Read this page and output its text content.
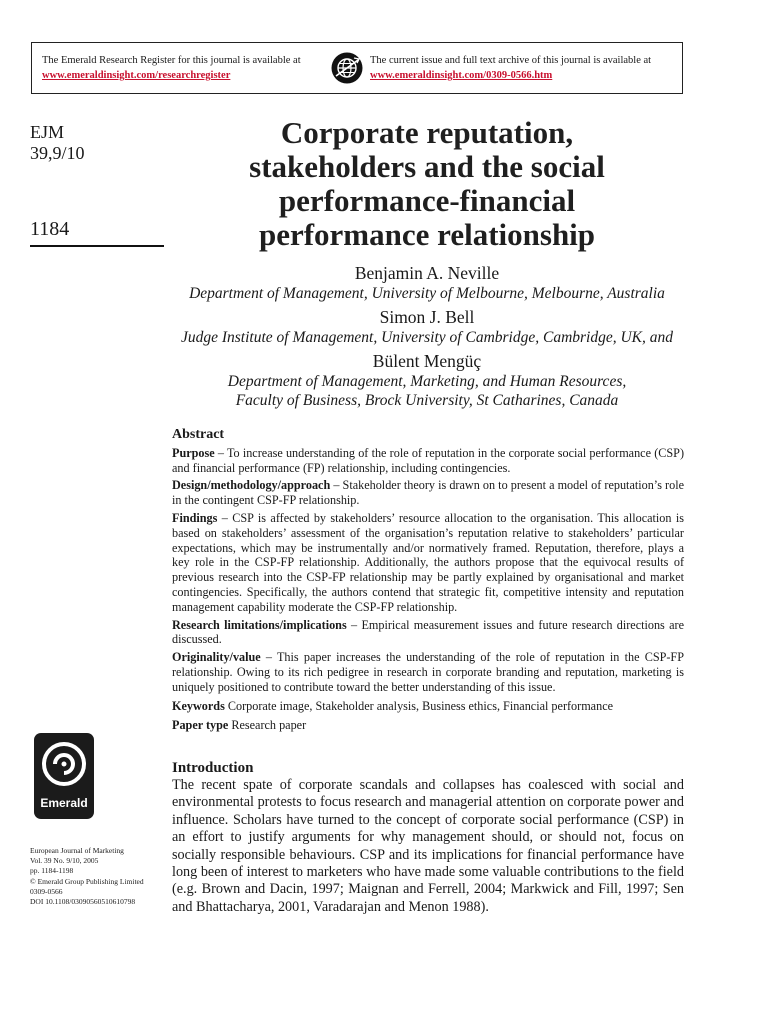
The Emerald Research Register for this journal is available at
www.emeraldinsight.com/researchregister
The current issue and full text archive of this journal is available at
www.emeraldinsight.com/0309-0566.htm
EJM
39,9/10
1184
Corporate reputation,
stakeholders and the social
performance-financial
performance relationship
Benjamin A. Neville
Department of Management, University of Melbourne, Melbourne, Australia
Simon J. Bell
Judge Institute of Management, University of Cambridge, Cambridge, UK, and
Bülent Mengüç
Department of Management, Marketing, and Human Resources,
Faculty of Business, Brock University, St Catharines, Canada
Abstract
Purpose – To increase understanding of the role of reputation in the corporate social performance (CSP) and financial performance (FP) relationship, including contingencies.
Design/methodology/approach – Stakeholder theory is drawn on to present a model of reputation’s role in the contingent CSP-FP relationship.
Findings – CSP is affected by stakeholders’ resource allocation to the organisation. This allocation is based on stakeholders’ assessment of the organisation’s reputation relative to stakeholders’ particular expectations, which may be instrumentally and/or normatively framed. Reputation, therefore, plays a key role in the CSP-FP relationship. Additionally, the authors propose that the equivocal results of previous research into the CSP-FP relationship may be partly explained by organisational and market contingencies. Specifically, the authors contend that strategic fit, competitive intensity and reputation management capability moderate the CSP-FP relationship.
Research limitations/implications – Empirical measurement issues and future research directions are discussed.
Originality/value – This paper increases the understanding of the role of reputation in the CSP-FP relationship. Owing to its rich pedigree in research in corporate branding and reputation, marketing is uniquely positioned to contribute toward the better understanding of this issue.
Keywords Corporate image, Stakeholder analysis, Business ethics, Financial performance
Paper type Research paper
Emerald
European Journal of Marketing
Vol. 39 No. 9/10, 2005
pp. 1184-1198
© Emerald Group Publishing Limited
0309-0566
DOI 10.1108/03090560510610798
Introduction
The recent spate of corporate scandals and collapses has coalesced with social and environmental protests to focus research and managerial attention on corporate power and influence. Scholars have turned to the concept of corporate social performance (CSP) in an effort to justify arguments for why management should, or should not, focus on socially responsible behaviours. CSP and its implications for financial performance have long been of interest to marketers who have made some valuable contributions to the field (e.g. Brown and Dacin, 1997; Maignan and Ferrell, 2004; Markwick and Fill, 1997; Sen and Bhattacharya, 2001, Varadarajan and Menon 1988).
